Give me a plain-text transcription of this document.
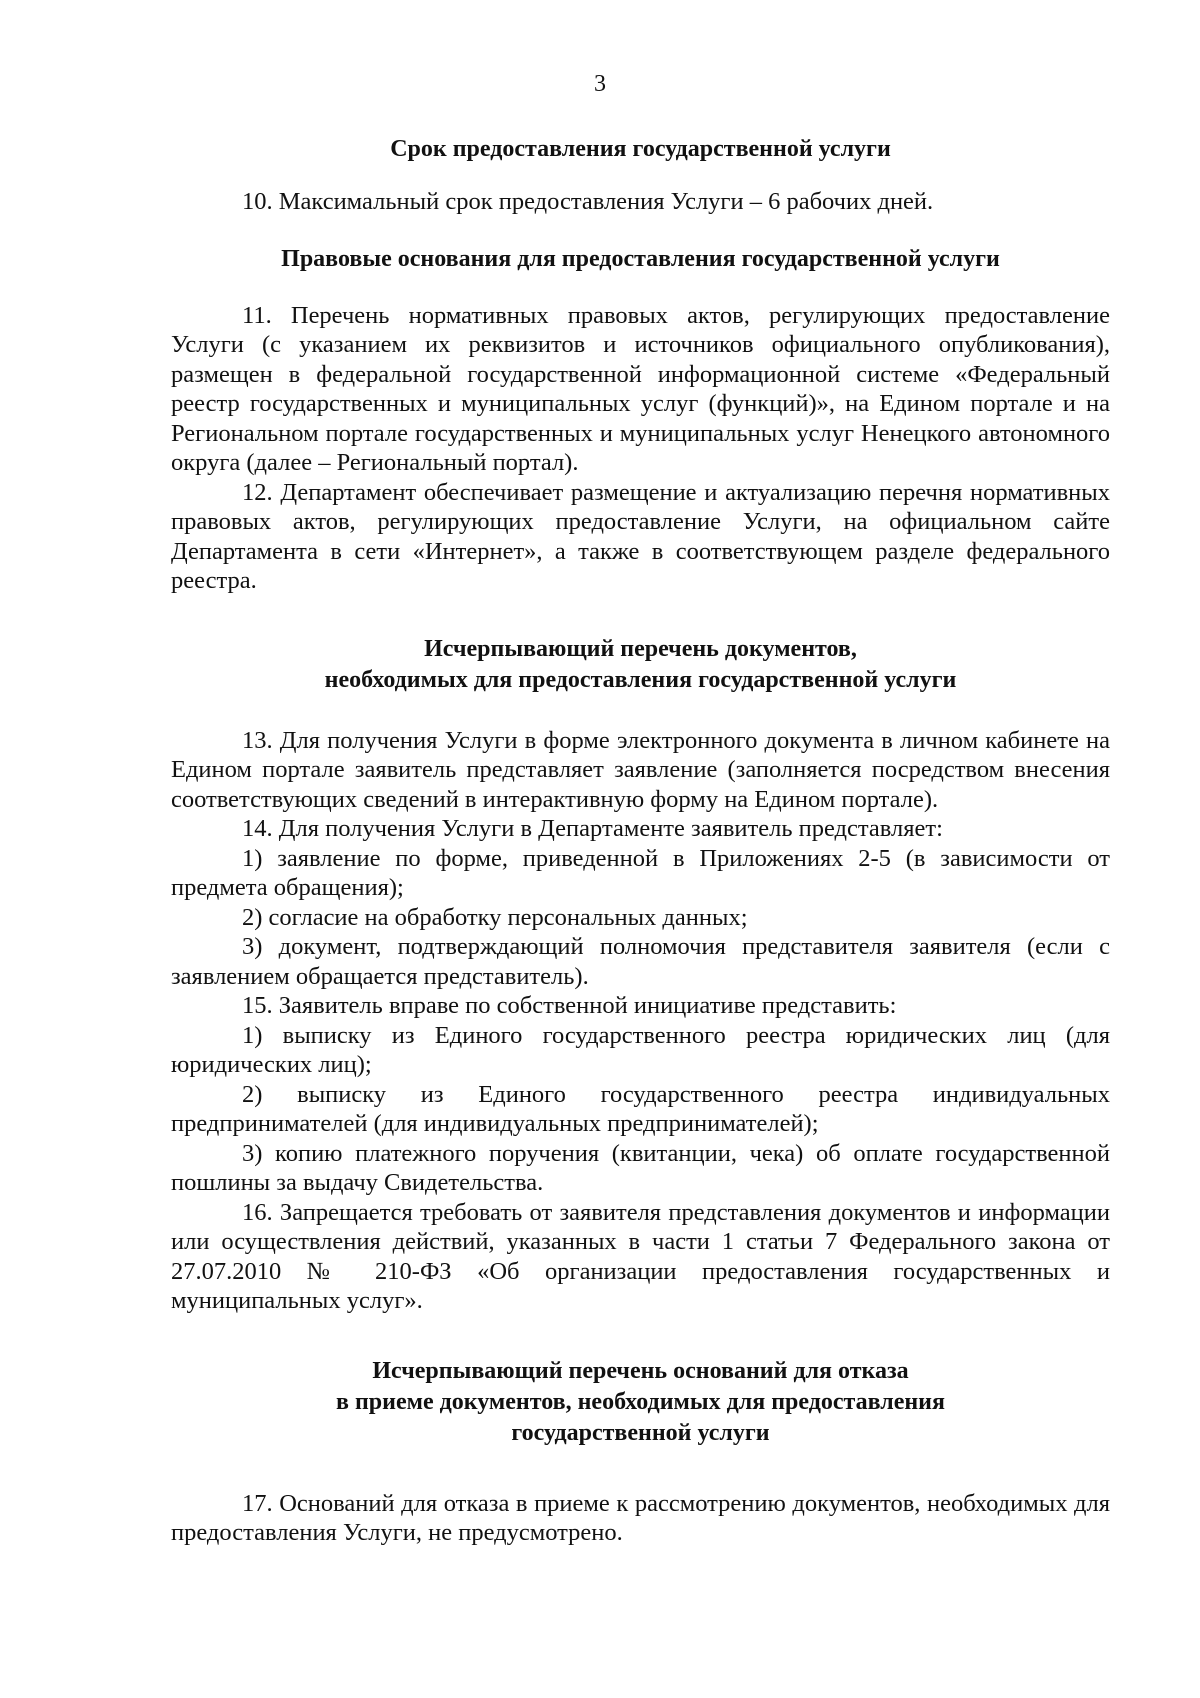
3

Срок предоставления государственной услуги

10. Максимальный срок предоставления Услуги – 6 рабочих дней.

Правовые основания для предоставления государственной услуги

11. Перечень нормативных правовых актов, регулирующих предоставление Услуги (с указанием их реквизитов и источников официального опубликования), размещен в федеральной государственной информационной системе «Федеральный реестр государственных и муниципальных услуг (функций)», на Едином портале и на Региональном портале государственных и муниципальных услуг Ненецкого автономного округа (далее – Региональный портал).

12. Департамент обеспечивает размещение и актуализацию перечня нормативных правовых актов, регулирующих предоставление Услуги, на официальном сайте Департамента в сети «Интернет», а также в соответствующем разделе федерального реестра.

Исчерпывающий перечень документов,
необходимых для предоставления государственной услуги

13. Для получения Услуги в форме электронного документа в личном кабинете на Едином портале заявитель представляет заявление (заполняется посредством внесения соответствующих сведений в интерактивную форму на Едином портале).

14. Для получения Услуги в Департаменте заявитель представляет:

1) заявление по форме, приведенной в Приложениях 2-5 (в зависимости от предмета обращения);

2) согласие на обработку персональных данных;

3) документ, подтверждающий полномочия представителя заявителя (если с заявлением обращается представитель).

15. Заявитель вправе по собственной инициативе представить:

1) выписку из Единого государственного реестра юридических лиц (для юридических лиц);

2) выписку из Единого государственного реестра индивидуальных предпринимателей (для индивидуальных предпринимателей);

3) копию платежного поручения (квитанции, чека) об оплате государственной пошлины за выдачу Свидетельства.

16. Запрещается требовать от заявителя представления документов и информации или осуществления действий, указанных в части 1 статьи 7 Федерального закона от 27.07.2010 № 210-ФЗ «Об организации предоставления государственных и муниципальных услуг».

Исчерпывающий перечень оснований для отказа
в приеме документов, необходимых для предоставления
государственной услуги

17. Оснований для отказа в приеме к рассмотрению документов, необходимых для предоставления Услуги, не предусмотрено.
